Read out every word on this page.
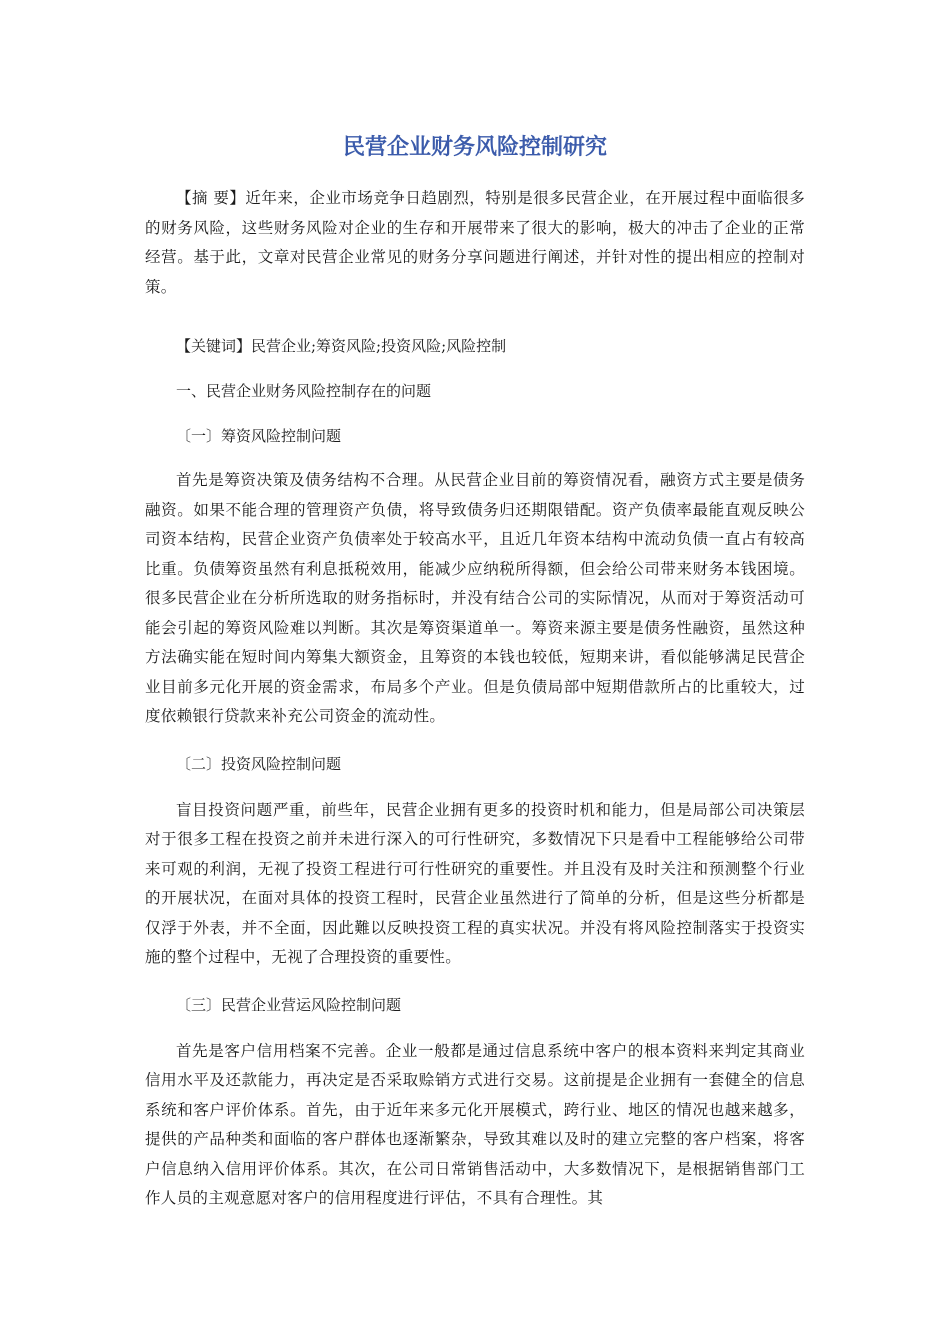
民营企业财务风险控制研究

【摘 要】近年来，企业市场竞争日趋剧烈，特别是很多民营企业，在开展过程中面临很多的财务风险，这些财务风险对企业的生存和开展带来了很大的影响，极大的冲击了企业的正常经营。基于此，文章对民营企业常见的财务分享问题进行阐述，并针对性的提出相应的控制对策。

【关键词】民营企业;筹资风险;投资风险;风险控制
一、民营企业财务风险控制存在的问题
〔一〕筹资风险控制问题

首先是筹资决策及债务结构不合理。从民营企业目前的筹资情况看，融资方式主要是债务融资。如果不能合理的管理资产负债，将导致债务归还期限错配。资产负债率最能直观反映公司资本结构，民营企业资产负债率处于较高水平，且近几年资本结构中流动负债一直占有较高比重。负债筹资虽然有利息抵税效用，能减少应纳税所得额，但会给公司带来财务本钱困境。很多民营企业在分析所选取的财务指标时，并没有结合公司的实际情况，从而对于筹资活动可能会引起的筹资风险难以判断。其次是筹资渠道单一。筹资来源主要是债务性融资，虽然这种方法确实能在短时间内筹集大额资金，且筹资的本钱也较低，短期来讲，看似能够满足民营企业目前多元化开展的资金需求，布局多个产业。但是负债局部中短期借款所占的比重较大，过度依赖银行贷款来补充公司资金的流动性。

〔二〕投资风险控制问题

盲目投资问题严重，前些年，民营企业拥有更多的投资时机和能力，但是局部公司决策层对于很多工程在投资之前并未进行深入的可行性研究，多数情况下只是看中工程能够给公司带来可观的利润，无视了投资工程进行可行性研究的重要性。并且没有及时关注和预测整个行业的开展状况，在面对具体的投资工程时，民营企业虽然进行了简单的分析，但是这些分析都是仅浮于外表，并不全面，因此難以反映投资工程的真实状况。并没有将风险控制落实于投资实施的整个过程中，无视了合理投资的重要性。

〔三〕民营企业营运风险控制问题

首先是客户信用档案不完善。企业一般都是通过信息系统中客户的根本资料来判定其商业信用水平及还款能力，再决定是否采取赊销方式进行交易。这前提是企业拥有一套健全的信息系统和客户评价体系。首先，由于近年来多元化开展模式，跨行业、地区的情况也越来越多，提供的产品种类和面临的客户群体也逐渐繁杂，导致其难以及时的建立完整的客户档案，将客户信息纳入信用评价体系。其次，在公司日常销售活动中，大多数情况下，是根据销售部门工作人员的主观意愿对客户的信用程度进行评估，不具有合理性。其
